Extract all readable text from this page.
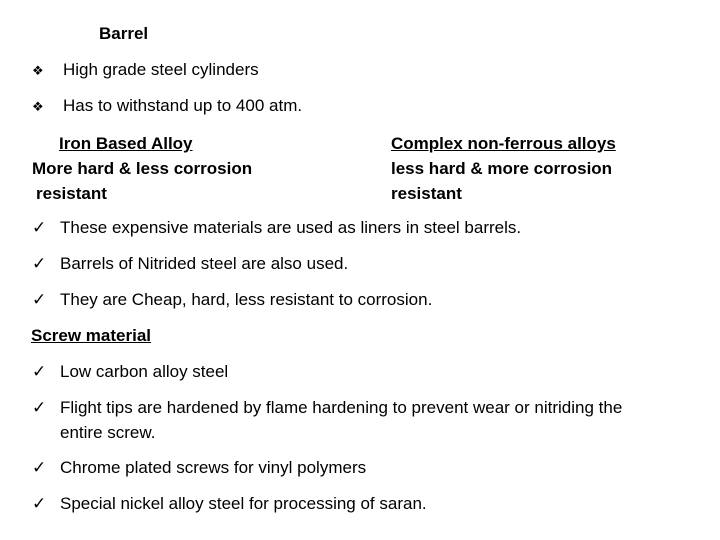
Barrel
❖ High grade steel cylinders
❖ Has to withstand up to 400 atm.
Iron Based Alloy
More hard & less corrosion
resistant
Complex non-ferrous alloys
less hard & more corrosion
resistant
✓ These expensive materials are used as liners in steel barrels.
✓ Barrels of Nitrided steel are also used.
✓ They are Cheap, hard, less resistant to corrosion.
Screw material
✓ Low carbon alloy steel
✓ Flight tips are hardened by flame hardening to prevent wear or nitriding the
entire screw.
✓ Chrome plated screws for vinyl polymers
✓ Special nickel alloy steel for processing of saran.
